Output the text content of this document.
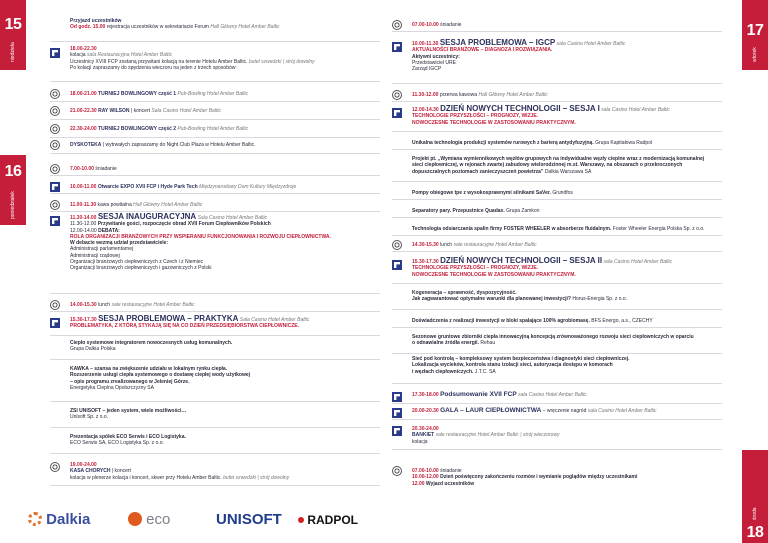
15
niedziela
16
poniedziałek
17
wtorek
18
środa
Przyjazd uczestników
Od godz. 15.00 rejestracja uczestników w sekretariacie Forum Hall Główny Hotel Amber Baltic
18.00-22.30
kolacja sala Restauracyjna Hotel Amber Baltic
Uczestnicy XVIII FCP zostaną przywitani kolacją na terenie Hotelu Amber Baltic. butel szwedzki | strój dowolny
Po kolacji zapraszamy do spędzenia wieczoru na jeden z trzech sposobów:
18.00-21.00 TURNIEJ BOWLINGOWY część 1 Pub-Bowling Hotel Amber Baltic
21.00-22.30 RAY WILSON | koncert Sala Casino Hotel Amber Baltic
22.30-24.00 TURNIEJ BOWLINGOWY część 2 Pub-Bowling Hotel Amber Baltic
DYSKOTEKA | wytrwałych zapraszamy do Night Club Plaza w Hotelu Amber Baltic.
7.00-10.00 śniadanie
10.00-11.00 Otwarcie EXPO XVII FCP i Hyde Park Tech Międzynarodowy Dom Kultury Międzyzdroje
11.00-11.30 kawa powitalna Hall Główny Hotel Amber Baltic
11.30-14.00 SESJA INAUGURACYJNA Sala Casino Hotel Amber Baltic
11.30-12.00 Przywitanie gości, rozpoczęcie obrad XVII Forum Ciepłowników Polskich
12.00-14.00 DEBATA:
ROLA ORGANIZACJI BRANŻOWYCH PRZY WSPIERANIU FUNKCJONOWANIA I ROZWOJU CIEPŁOWNICTWA.
W debacie wezmą udział przedstawiciele:
Administracji parlamentarnej
Administracji rządowej
Organizacji branżowych ciepłowniczych z Czech i z Niemiec
Organizacji branżowych ciepłowniczych i gazowniczych z Polski
14.00-15.30 lunch sale restauracyjne Hotel Amber Baltic
15.30-17.30 SESJA PROBLEMOWA – PRAKTYKA Sala Casino Hotel Amber Baltic
PROBLEMATYKA, Z KTÓRĄ STYKAJĄ SIĘ NA CO DZIEŃ PRZEDSIĘBIORSTWA CIEPŁOWNICZE.
Ciepło systemowe integratorem nowoczesnych usług komunalnych.
Grupa Dalkia Polska
KAWKA – szansa na zwiększenie udziału w lokalnym rynku ciepła.
Rozszerzenie usługi ciepła systemowego o dostawę ciepłej wody użytkowej
– opis programu zrealizowanego w Jeleniej Górze.
Energetyka Cieplna Opolszczyzny SA
ZSI UNISOFT – jeden system, wiele możliwości…
Unisoft Sp. z o.o.
Prezentacja spółek ECO Serwis i ECO Logistyka.
ECO Serwis SA, ECO Logistyka Sp. z o.o.
19.00-24.00
KASA CHORYCH | koncert
kolacja w plenerze kolacja i koncert, skwer przy Hotelu Amber Baltic. bufet szwedzki | strój dowolny
07.00-10.00 śniadanie
10.00-11.30 SESJA PROBLEMOWA – IGCP sala Casino Hotel Amber Baltic
AKTUALNOŚCI BRANŻOWE – DIAGNOZA I ROZWIĄZANIA.
Aktywni uczestnicy:
Przedstawiciel URE
Zarząd IGCP
11.30-12.00 przerwa kawowa Hall Główny Hotel Amber Baltic
12.00-14.30 DZIEŃ NOWYCH TECHNOLOGII – SESJA I sala Casino Hotel Amber Baltic
TECHNOLOGIE PRZYSZŁOŚCI – PROGNOZY, WIZJE.
NOWOCZESNE TECHNOLOGIE W ZASTOSOWANIU PRAKTYCZNYM.
Unikalna technologia produkcji systemów rurowych z barierą antydyfuzyjną. Grupa Kapitałowa Radpol
Projekt pt. „Wymiana wymiennikowych węzłów grupowych na indywidualne węzły cieplne wraz z modernizacją komunalnej
sieci ciepłowniczej, w rejonach zwartej zabudowy wielorodzinnej m.st. Warszawy, na obszarach o przekroczonych
dopuszczalnych poziomach zanieczyszczeń powietrza” Dalkia Warszawa SA
Pompy obiegowe tpe z wysokosprawnymi silnikami SaVer. Grundfos
Separatory pary. Przepustnice Quadax. Grupa Zamkon
Technologia odsiarczania spalin firmy FOSTER WHEELER w absorberze fluidalnym. Foster Wheeler Energia Polska Sp. z o.o.
14.30-15.30 lunch sale restauracyjne Hotel Amber Baltic
15.30-17.30 DZIEŃ NOWYCH TECHNOLOGII – SESJA II sala Casino Hotel Amber Baltic
TECHNOLOGIE PRZYSZŁOŚCI – PROGNOZY, WIZJE.
NOWOCZESNE TECHNOLOGIE W ZASTOSOWANIU PRAKTYCZNYM.
Kogeneracja – sprawność, dyspozycyjność.
Jak zagwarantować optymalne warunki dla planowanej inwestycji? Horus-Energia Sp. z o.o.
Doświadczenia z realizacji inwestycji w bloki spalające 100% agrobiomasę. BFS Energo, a.s., CZECHY
Sezonowe gruntowe zbiorniki ciepła innowacyjną koncepcją zrównoważonego rozwoju sieci ciepłowniczych w oparciu
o odnawialne źródła energii. Rehau
Sieć pod kontrolą – kompleksowy system bezpieczeństwa i diagnostyki sieci ciepłowniczej.
Lokalizacja wycieków, kontrola stanu izolacji sieci, autoryzacja dostępu w komorach
i węzłach ciepłowniczych. J.T.C. SA
17.30-18.00 Podsumowanie XVII FCP sala Casino Hotel Amber Baltic
20.00-20.30 GALA – LAUR CIEPŁOWNICTWA – wręczenie nagród sala Casino Hotel Amber Baltic
20.30-24.00
BANKIET sale restauracyjne Hotel Amber Baltic | strój wieczorowy
kolacja
07.00-10.00 śniadanie
10.00-12.00 Dzień poświęcony zakończeniu rozmów i wymianie poglądów między uczestnikami
12.00 Wyjazd uczestników
Dalkia	eco	UNISOFT	RADPOL
